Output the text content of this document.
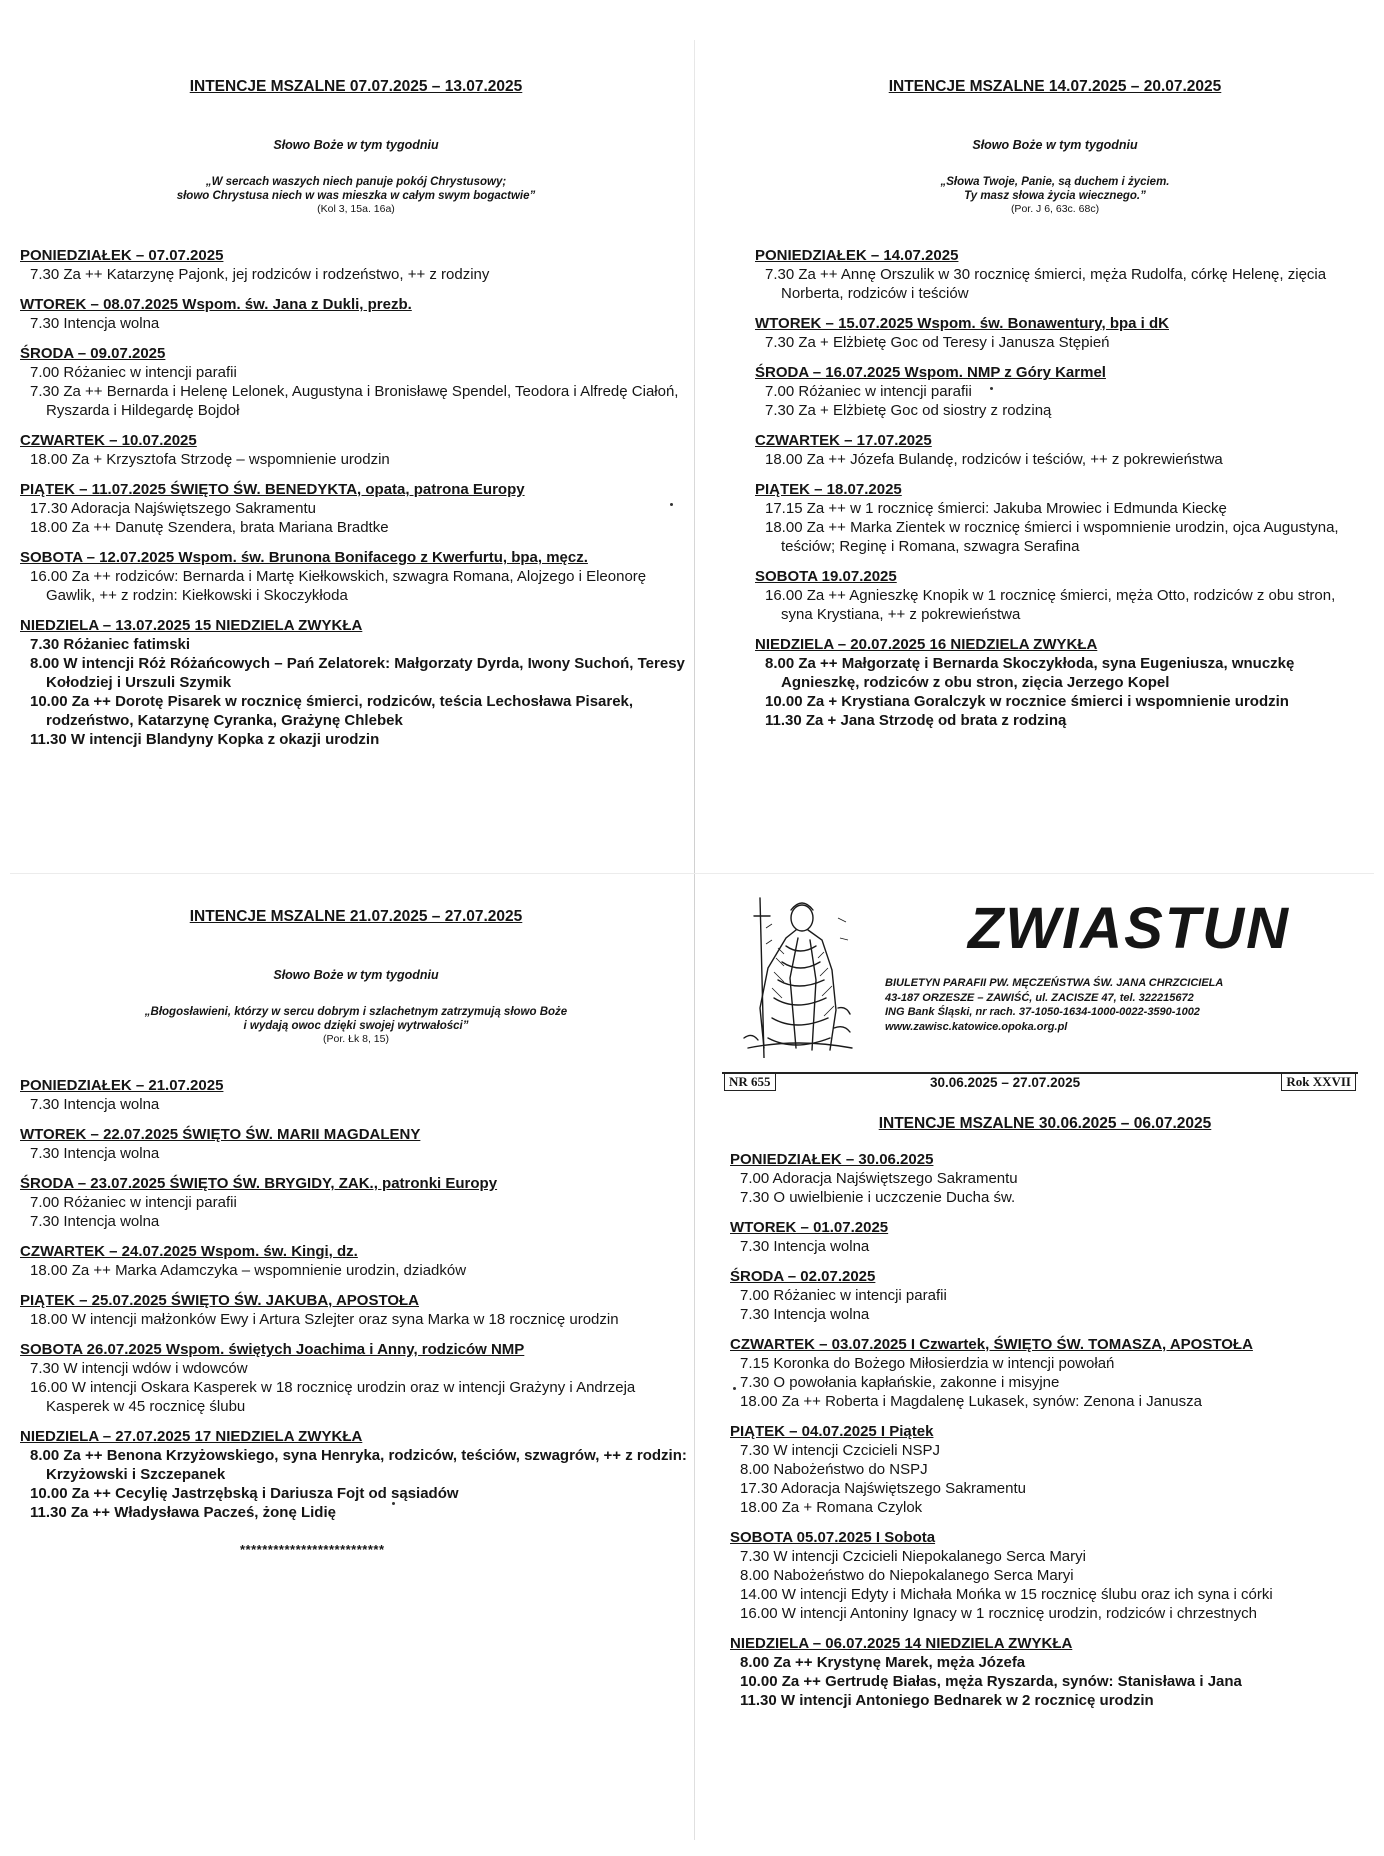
INTENCJE MSZALNE 07.07.2025 – 13.07.2025

Słowo Boże w tym tygodniu
„W sercach waszych niech panuje pokój Chrystusowy;
słowo Chrystusa niech w was mieszka w całym swym bogactwie”
(Kol 3, 15a. 16a)
PONIEDZIAŁEK – 07.07.2025
7.30 Za ++ Katarzynę Pajonk, jej rodziców i rodzeństwo, ++ z rodziny
WTOREK – 08.07.2025 Wspom. św. Jana z Dukli, prezb.
7.30 Intencja wolna
ŚRODA – 09.07.2025
7.00 Różaniec w intencji parafii
7.30 Za ++ Bernarda i Helenę Lelonek, Augustyna i Bronisławę Spendel, Teodora i Alfredę Ciałoń, Ryszarda i Hildegardę Bojdoł
CZWARTEK – 10.07.2025
18.00 Za + Krzysztofa Strzodę – wspomnienie urodzin
PIĄTEK – 11.07.2025 ŚWIĘTO ŚW. BENEDYKTA, opata, patrona Europy
17.30 Adoracja Najświętszego Sakramentu
18.00 Za ++ Danutę Szendera, brata Mariana Bradtke
SOBOTA – 12.07.2025 Wspom. św. Brunona Bonifacego z Kwerfurtu, bpa, męcz.
16.00 Za ++ rodziców: Bernarda i Martę Kiełkowskich, szwagra Romana, Alojzego i Eleonorę Gawlik, ++ z rodzin: Kiełkowski i Skoczykłoda
NIEDZIELA – 13.07.2025 15 NIEDZIELA ZWYKŁA
7.30 Różaniec fatimski
8.00 W intencji Róż Różańcowych – Pań Zelatorek: Małgorzaty Dyrda, Iwony Suchoń, Teresy Kołodziej i Urszuli Szymik
10.00 Za ++ Dorotę Pisarek w rocznicę śmierci, rodziców, teścia Lechosława Pisarek, rodzeństwo, Katarzynę Cyranka, Grażynę Chlebek
11.30 W intencji Blandyny Kopka z okazji urodzin

INTENCJE MSZALNE 14.07.2025 – 20.07.2025

Słowo Boże w tym tygodniu
„Słowa Twoje, Panie, są duchem i życiem.
Ty masz słowa życia wiecznego.”
(Por. J 6, 63c. 68c)
PONIEDZIAŁEK – 14.07.2025
7.30 Za ++ Annę Orszulik w 30 rocznicę śmierci, męża Rudolfa, córkę Helenę, zięcia Norberta, rodziców i teściów
WTOREK – 15.07.2025 Wspom. św. Bonawentury, bpa i dK
7.30 Za + Elżbietę Goc od Teresy i Janusza Stępień
ŚRODA – 16.07.2025 Wspom. NMP z Góry Karmel
7.00 Różaniec w intencji parafii
7.30 Za + Elżbietę Goc od siostry z rodziną
CZWARTEK – 17.07.2025
18.00 Za ++ Józefa Bulandę, rodziców i teściów, ++ z pokrewieństwa
PIĄTEK – 18.07.2025
17.15 Za ++ w 1 rocznicę śmierci: Jakuba Mrowiec i Edmunda Kieckę
18.00 Za ++ Marka Zientek w rocznicę śmierci i wspomnienie urodzin, ojca Augustyna, teściów; Reginę i Romana, szwagra Serafina
SOBOTA 19.07.2025
16.00 Za ++ Agnieszkę Knopik w 1 rocznicę śmierci, męża Otto, rodziców z obu stron, syna Krystiana, ++ z pokrewieństwa
NIEDZIELA – 20.07.2025 16 NIEDZIELA ZWYKŁA
8.00 Za ++ Małgorzatę i Bernarda Skoczykłoda, syna Eugeniusza, wnuczkę Agnieszkę, rodziców z obu stron, zięcia Jerzego Kopel
10.00 Za + Krystiana Goralczyk w rocznice śmierci i wspomnienie urodzin
11.30 Za + Jana Strzodę od brata z rodziną

INTENCJE MSZALNE 21.07.2025 – 27.07.2025

Słowo Boże w tym tygodniu
„Błogosławieni, którzy w sercu dobrym i szlachetnym zatrzymują słowo Boże
i wydają owoc dzięki swojej wytrwałości”
(Por. Łk 8, 15)
PONIEDZIAŁEK – 21.07.2025
7.30 Intencja wolna
WTOREK – 22.07.2025 ŚWIĘTO ŚW. MARII MAGDALENY
7.30 Intencja wolna
ŚRODA – 23.07.2025 ŚWIĘTO ŚW. BRYGIDY, ZAK., patronki Europy
7.00 Różaniec w intencji parafii
7.30 Intencja wolna
CZWARTEK – 24.07.2025 Wspom. św. Kingi, dz.
18.00 Za ++ Marka Adamczyka – wspomnienie urodzin, dziadków
PIĄTEK – 25.07.2025 ŚWIĘTO ŚW. JAKUBA, APOSTOŁA
18.00 W intencji małżonków Ewy i Artura Szlejter oraz syna Marka w 18 rocznicę urodzin
SOBOTA 26.07.2025 Wspom. świętych Joachima i Anny, rodziców NMP
7.30 W intencji wdów i wdowców
16.00 W intencji Oskara Kasperek w 18 rocznicę urodzin oraz w intencji Grażyny i Andrzeja Kasperek w 45 rocznicę ślubu
NIEDZIELA – 27.07.2025 17 NIEDZIELA ZWYKŁA
8.00 Za ++ Benona Krzyżowskiego, syna Henryka, rodziców, teściów, szwagrów, ++ z rodzin: Krzyżowski i Szczepanek
10.00 Za ++ Cecylię Jastrzębską i Dariusza Fojt od sąsiadów
11.30 Za ++ Władysława Pacześ, żonę Lidię
**************************
ZWIASTUN
BIULETYN PARAFII PW. MĘCZEŃSTWA ŚW. JANA CHRZCICIELA
43-187 ORZESZE – ZAWIŚĆ, ul. ZACISZE 47, tel. 322215672
ING Bank Śląski, nr rach. 37-1050-1634-1000-0022-3590-1002
www.zawisc.katowice.opoka.org.pl
NR 655	30.06.2025 – 27.07.2025	Rok XXVII

INTENCJE MSZALNE 30.06.2025 – 06.07.2025

PONIEDZIAŁEK – 30.06.2025
7.00 Adoracja Najświętszego Sakramentu
7.30 O uwielbienie i uczczenie Ducha św.
WTOREK – 01.07.2025
7.30 Intencja wolna
ŚRODA – 02.07.2025
7.00 Różaniec w intencji parafii
7.30 Intencja wolna
CZWARTEK – 03.07.2025 I Czwartek, ŚWIĘTO ŚW. TOMASZA, APOSTOŁA
7.15 Koronka do Bożego Miłosierdzia w intencji powołań
7.30 O powołania kapłańskie, zakonne i misyjne
18.00 Za ++ Roberta i Magdalenę Lukasek, synów: Zenona i Janusza
PIĄTEK – 04.07.2025 I Piątek
7.30 W intencji Czcicieli NSPJ
8.00 Nabożeństwo do NSPJ
17.30 Adoracja Najświętszego Sakramentu
18.00 Za + Romana Czylok
SOBOTA 05.07.2025 I Sobota
7.30 W intencji Czcicieli Niepokalanego Serca Maryi
8.00 Nabożeństwo do Niepokalanego Serca Maryi
14.00 W intencji Edyty i Michała Mońka w 15 rocznicę ślubu oraz ich syna i córki
16.00 W intencji Antoniny Ignacy w 1 rocznicę urodzin, rodziców i chrzestnych
NIEDZIELA – 06.07.2025 14 NIEDZIELA ZWYKŁA
8.00 Za ++ Krystynę Marek, męża Józefa
10.00 Za ++ Gertrudę Białas, męża Ryszarda, synów: Stanisława i Jana
11.30 W intencji Antoniego Bednarek w 2 rocznicę urodzin
